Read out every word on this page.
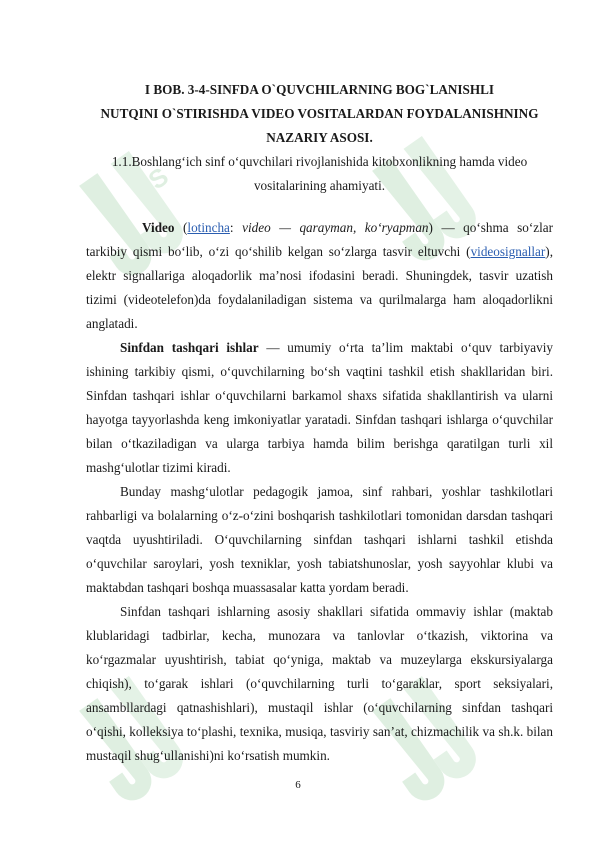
S

I BOB. 3-4-SINFDA O`QUVCHILARNING BOG`LANISHLI
NUTQINI O`STIRISHDA VIDEO VOSITALARDAN FOYDALANISHNING
NAZARIY ASOSI.

1.1.Boshlang‘ich sinf o‘quvchilari rivojlanishida kitobxonlikning hamda video
vositalarining ahamiyati.

Video (lotincha: video — qarayman, ko‘ryapman) — qo‘shma so‘zlar tarkibiy qismi bo‘lib, o‘zi qo‘shilib kelgan so‘zlarga tasvir eltuvchi (videosignallar), elektr signallariga aloqadorlik ma’nosi ifodasini beradi. Shuningdek, tasvir uzatish tizimi (videotelefon)da foydalaniladigan sistema va qurilmalarga ham aloqadorlikni anglatadi.

Sinfdan tashqari ishlar — umumiy o‘rta ta’lim maktabi o‘quv tarbiyaviy ishining tarkibiy qismi, o‘quvchilarning bo‘sh vaqtini tashkil etish shakllaridan biri. Sinfdan tashqari ishlar o‘quvchilarni barkamol shaxs sifatida shakllantirish va ularni hayotga tayyorlashda keng imkoniyatlar yaratadi. Sinfdan tashqari ishlarga o‘quvchilar bilan o‘tkaziladigan va ularga tarbiya hamda bilim berishga qaratilgan turli xil mashg‘ulotlar tizimi kiradi.

Bunday mashg‘ulotlar pedagogik jamoa, sinf rahbari, yoshlar tashkilotlari rahbarligi va bolalarning o‘z-o‘zini boshqarish tashkilotlari tomonidan darsdan tashqari vaqtda uyushtiriladi. O‘quvchilarning sinfdan tashqari ishlarni tashkil etishda o‘quvchilar saroylari, yosh texniklar, yosh tabiatshunoslar, yosh sayyohlar klubi va maktabdan tashqari boshqa muassasalar katta yordam beradi.

Sinfdan tashqari ishlarning asosiy shakllari sifatida ommaviy ishlar (maktab klublaridagi tadbirlar, kecha, munozara va tanlovlar o‘tkazish, viktorina va ko‘rgazmalar uyushtirish, tabiat qo‘yniga, maktab va muzeylarga ekskursiyalarga chiqish), to‘garak ishlari (o‘quvchilarning turli to‘garaklar, sport seksiyalari, ansambllardagi qatnashishlari), mustaqil ishlar (o‘quvchilarning sinfdan tashqari o‘qishi, kolleksiya to‘plashi, texnika, musiqa, tasviriy san’at, chizmachilik va sh.k. bilan mustaqil shug‘ullanishi)ni ko‘rsatish mumkin.

6
